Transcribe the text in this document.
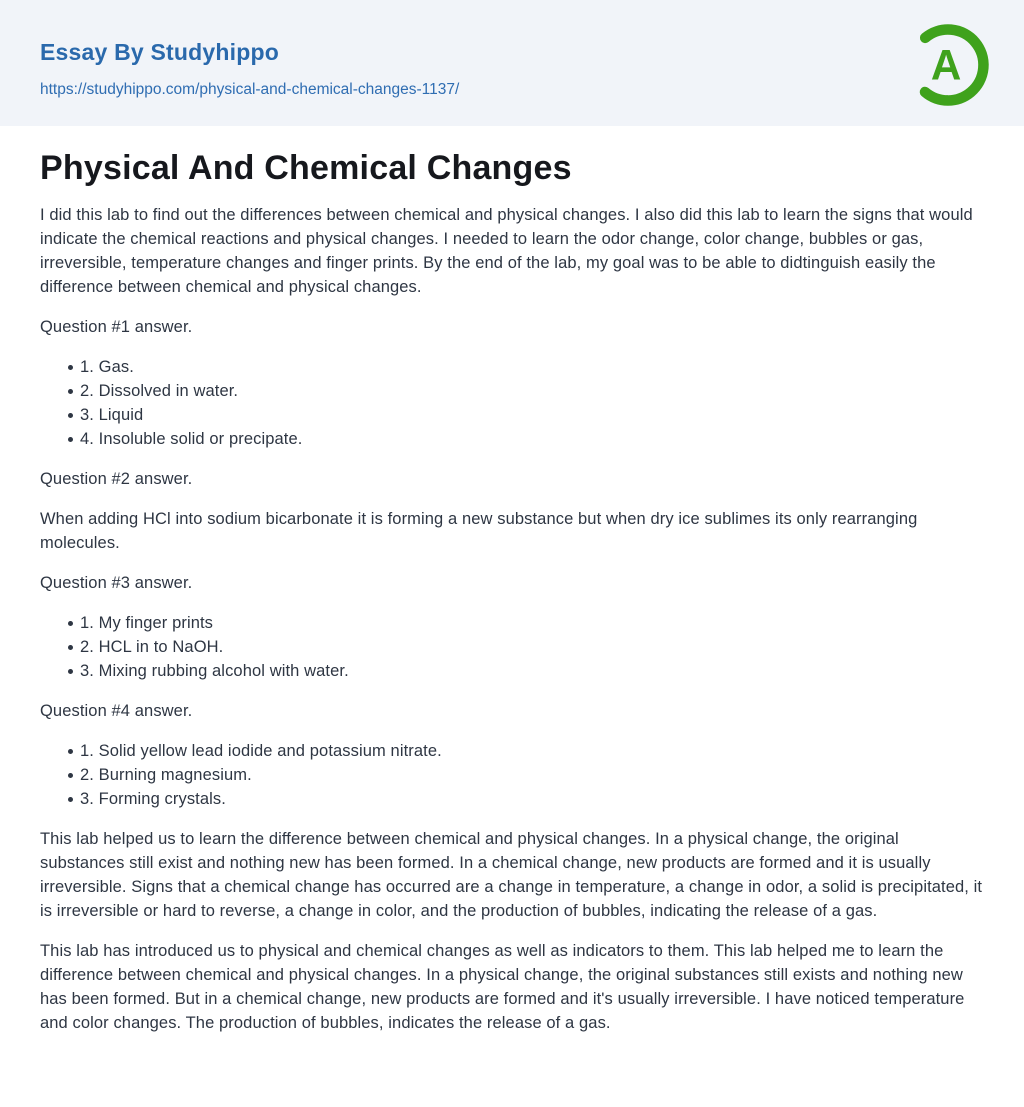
Essay By Studyhippo
https://studyhippo.com/physical-and-chemical-changes-1137/
A
Physical And Chemical Changes

I did this lab to find out the differences between chemical and physical changes. I also did this lab to learn the signs that would indicate the chemical reactions and physical changes. I needed to learn the odor change, color change, bubbles or gas, irreversible, temperature changes and finger prints. By the end of the lab, my goal was to be able to didtinguish easily the difference between chemical and physical changes.

Question #1 answer.

1. Gas.
2. Dissolved in water.
3. Liquid
4. Insoluble solid or precipate.

Question #2 answer.

When adding HCl into sodium bicarbonate it is forming a new substance but when dry ice sublimes its only rearranging molecules.

Question #3 answer.

1. My finger prints
2. HCL in to NaOH.
3. Mixing rubbing alcohol with water.

Question #4 answer.

1. Solid yellow lead iodide and potassium nitrate.
2. Burning magnesium.
3. Forming crystals.

This lab helped us to learn the difference between chemical and physical changes. In a physical change, the original substances still exist and nothing new has been formed. In a chemical change, new products are formed and it is usually irreversible. Signs that a chemical change has occurred are a change in temperature, a change in odor, a solid is precipitated, it is irreversible or hard to reverse, a change in color, and the production of bubbles, indicating the release of a gas.

This lab has introduced us to physical and chemical changes as well as indicators to them. This lab helped me to learn the difference between chemical and physical changes. In a physical change, the original substances still exists and nothing new has been formed. But in a chemical change, new products are formed and it's usually irreversible. I have noticed temperature and color changes. The production of bubbles, indicates the release of a gas.
